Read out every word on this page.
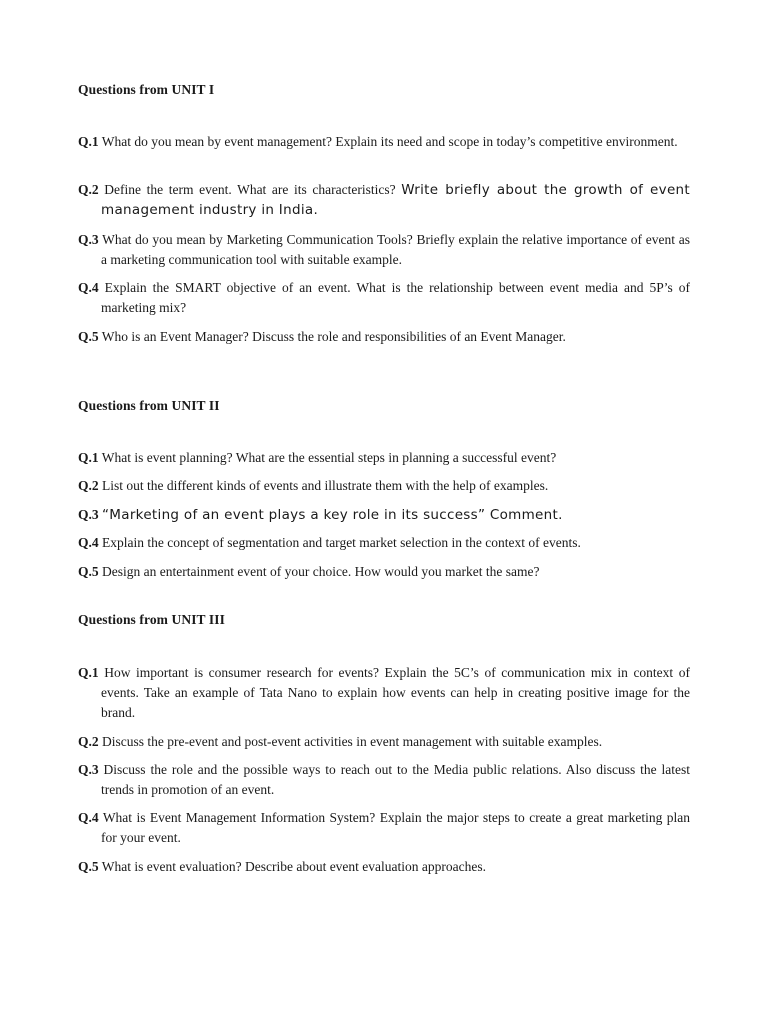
Questions from UNIT I
Q.1 What do you mean by event management? Explain its need and scope in today’s competitive environment.
Q.2 Define the term event. What are its characteristics? Write briefly about the growth of event management industry in India.
Q.3 What do you mean by Marketing Communication Tools? Briefly explain the relative importance of event as a marketing communication tool with suitable example.
Q.4 Explain the SMART objective of an event. What is the relationship between event media and 5P’s of marketing mix?
Q.5 Who is an Event Manager? Discuss the role and responsibilities of an Event Manager.
Questions from UNIT II
Q.1 What is event planning? What are the essential steps in planning a successful event?
Q.2 List out the different kinds of events and illustrate them with the help of examples.
Q.3 “Marketing of an event plays a key role in its success” Comment.
Q.4 Explain the concept of segmentation and target market selection in the context of events.
Q.5 Design an entertainment event of your choice. How would you market the same?
Questions from UNIT III
Q.1 How important is consumer research for events? Explain the 5C’s of communication mix in context of events. Take an example of Tata Nano to explain how events can help in creating positive image for the brand.
Q.2 Discuss the pre-event and post-event activities in event management with suitable examples.
Q.3 Discuss the role and the possible ways to reach out to the Media public relations. Also discuss the latest trends in promotion of an event.
Q.4 What is Event Management Information System? Explain the major steps to create a great marketing plan for your event.
Q.5 What is event evaluation? Describe about event evaluation approaches.
